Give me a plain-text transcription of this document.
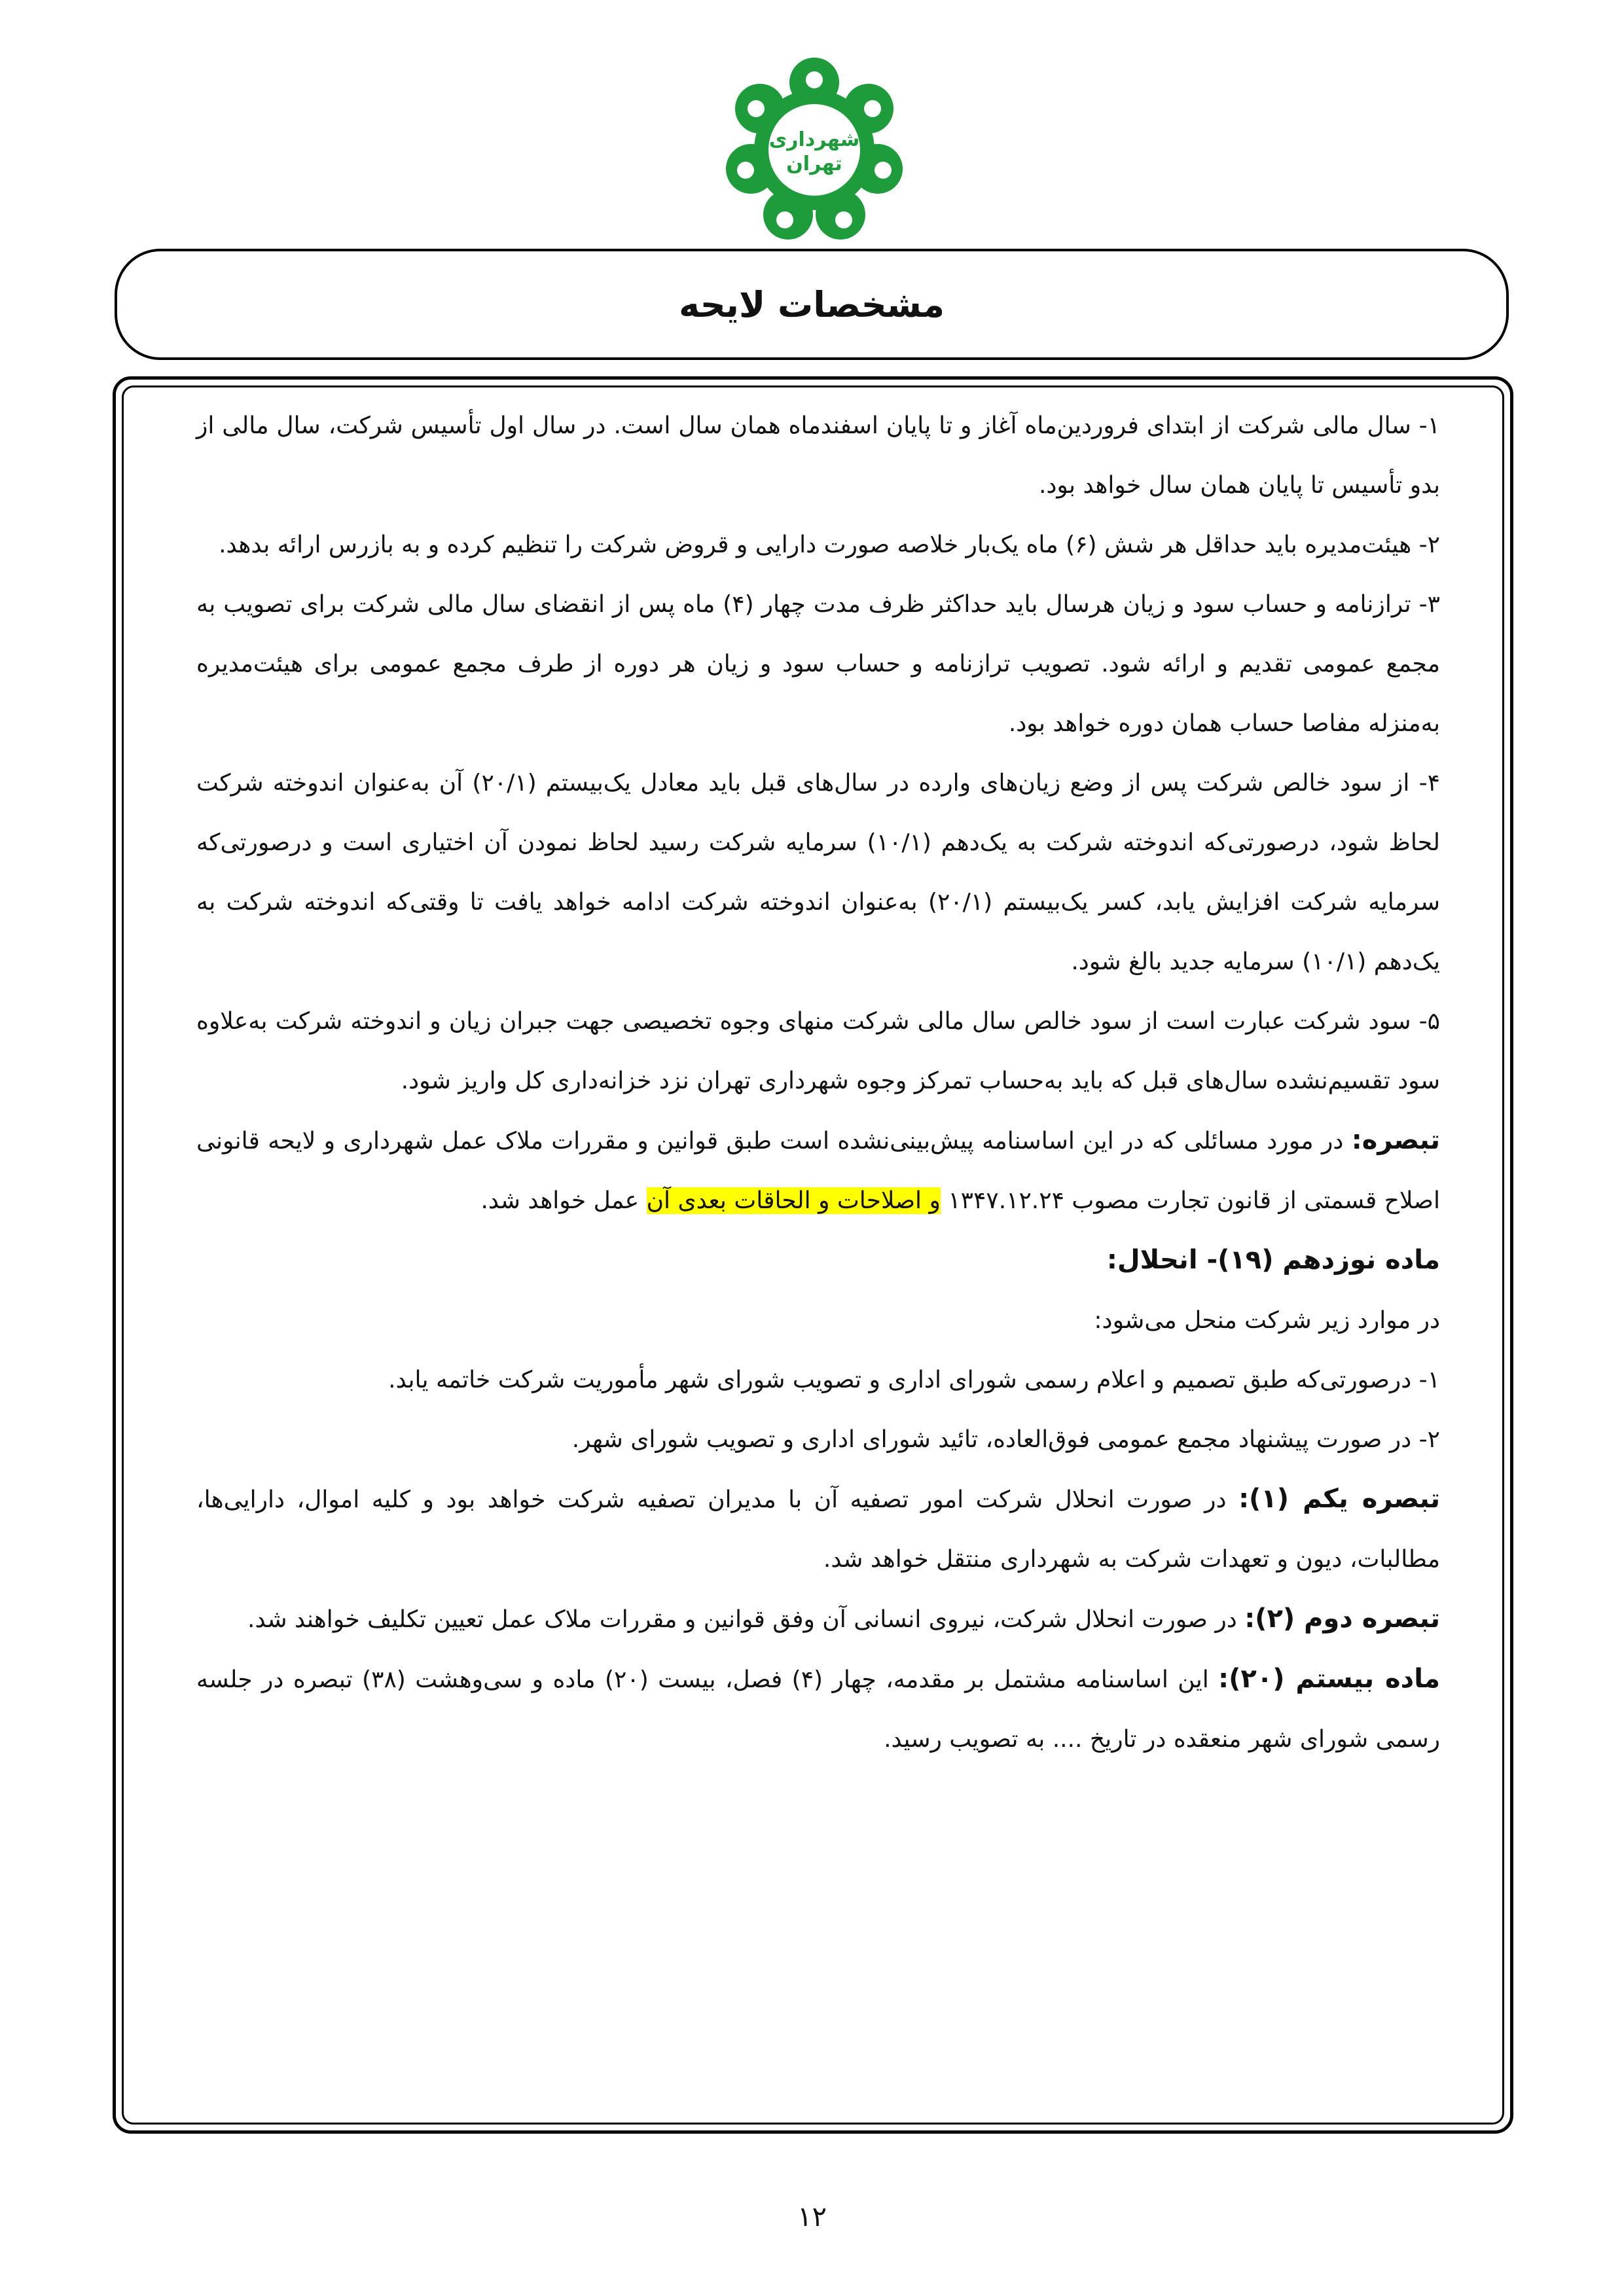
شهرداری
تهران
مشخصات لایحه

۱- سال مالی شرکت از ابتدای فروردین‌ماه آغاز و تا پایان اسفندماه همان سال است. در سال اول تأسیس شرکت، سال مالی از بدو تأسیس تا پایان همان سال خواهد بود.

۲- هیئت‌مدیره باید حداقل هر شش (۶) ماه یک‌بار خلاصه صورت دارایی و قروض شرکت را تنظیم کرده و به بازرس ارائه بدهد.

۳- ترازنامه و حساب سود و زیان هرسال باید حداکثر ظرف مدت چهار (۴) ماه پس از انقضای سال مالی شرکت برای تصویب به مجمع عمومی تقدیم و ارائه شود. تصویب ترازنامه و حساب سود و زیان هر دوره از طرف مجمع عمومی برای هیئت‌مدیره به‌منزله مفاصا حساب همان دوره خواهد بود.

۴- از سود خالص شرکت پس از وضع زیان‌های وارده در سال‌های قبل باید معادل یک‌بیستم (۲۰/۱) آن به‌عنوان اندوخته شرکت لحاظ شود، درصورتی‌که اندوخته شرکت به یک‌دهم (۱۰/۱) سرمایه شرکت رسید لحاظ نمودن آن اختیاری است و درصورتی‌که سرمایه شرکت افزایش یابد، کسر یک‌بیستم (۲۰/۱) به‌عنوان اندوخته شرکت ادامه خواهد یافت تا وقتی‌که اندوخته شرکت به یک‌دهم (۱۰/۱) سرمایه جدید بالغ شود.

۵- سود شرکت عبارت است از سود خالص سال مالی شرکت منهای وجوه تخصیصی جهت جبران زیان و اندوخته شرکت به‌علاوه سود تقسیم‌نشده سال‌های قبل که باید به‌حساب تمرکز وجوه شهرداری تهران نزد خزانه‌داری کل واریز شود.

تبصره: در مورد مسائلی که در این اساسنامه پیش‌بینی‌نشده است طبق قوانین و مقررات ملاک عمل شهرداری و لایحه قانونی اصلاح قسمتی از قانون تجارت مصوب ۱۳۴۷.۱۲.۲۴ و اصلاحات و الحاقات بعدی آن عمل خواهد شد.

ماده نوزدهم (۱۹)- انحلال:

در موارد زیر شرکت منحل می‌شود:

۱- درصورتی‌که طبق تصمیم و اعلام رسمی شورای اداری و تصویب شورای شهر مأموریت شرکت خاتمه یابد.

۲- در صورت پیشنهاد مجمع عمومی فوق‌العاده، تائید شورای اداری و تصویب شورای شهر.

تبصره یکم (۱): در صورت انحلال شرکت امور تصفیه آن با مدیران تصفیه شرکت خواهد بود و کلیه اموال، دارایی‌ها، مطالبات، دیون و تعهدات شرکت به شهرداری منتقل خواهد شد.

تبصره دوم (۲): در صورت انحلال شرکت، نیروی انسانی آن وفق قوانین و مقررات ملاک عمل تعیین تکلیف خواهند شد.

ماده بیستم (۲۰): این اساسنامه مشتمل بر مقدمه، چهار (۴) فصل، بیست (۲۰) ماده و سی‌وهشت (۳۸) تبصره در جلسه رسمی شورای شهر منعقده در تاریخ .... به تصویب رسید.

۱۲
